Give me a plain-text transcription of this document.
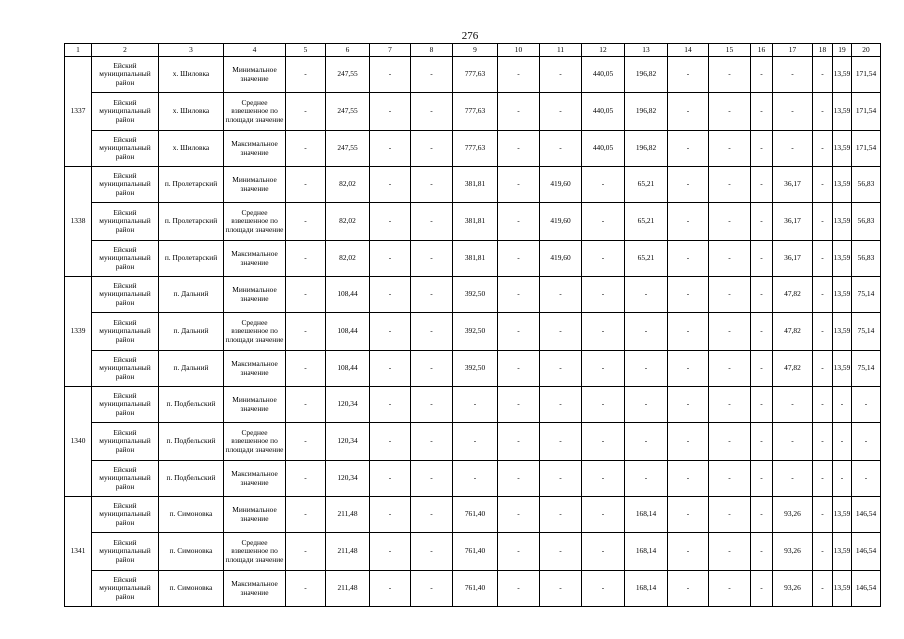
276
1	2	3	4	5	6	7	8	9	10	11	12	13	14	15	16	17	18	19	20
1337	Ейский муниципальный район	х. Шиловка	Минимальное значение	-	247,55	-	-	777,63	-	-	440,05	196,82	-	-	-	-	-	13,59	171,54
	Ейский муниципальный район	х. Шиловка	Среднее взвешенное по площади значение	-	247,55	-	-	777,63	-	-	440,05	196,82	-	-	-	-	-	13,59	171,54
	Ейский муниципальный район	х. Шиловка	Максимальное значение	-	247,55	-	-	777,63	-	-	440,05	196,82	-	-	-	-	-	13,59	171,54
1338	Ейский муниципальный район	п. Пролетарский	Минимальное значение	-	82,02	-	-	381,81	-	419,60	-	65,21	-	-	-	36,17	-	13,59	56,83
	Ейский муниципальный район	п. Пролетарский	Среднее взвешенное по площади значение	-	82,02	-	-	381,81	-	419,60	-	65,21	-	-	-	36,17	-	13,59	56,83
	Ейский муниципальный район	п. Пролетарский	Максимальное значение	-	82,02	-	-	381,81	-	419,60	-	65,21	-	-	-	36,17	-	13,59	56,83
1339	Ейский муниципальный район	п. Дальний	Минимальное значение	-	108,44	-	-	392,50	-	-	-	-	-	-	-	47,82	-	13,59	75,14
	Ейский муниципальный район	п. Дальний	Среднее взвешенное по площади значение	-	108,44	-	-	392,50	-	-	-	-	-	-	-	47,82	-	13,59	75,14
	Ейский муниципальный район	п. Дальний	Максимальное значение	-	108,44	-	-	392,50	-	-	-	-	-	-	-	47,82	-	13,59	75,14
1340	Ейский муниципальный район	п. Подбельский	Минимальное значение	-	120,34	-	-	-	-	-	-	-	-	-	-	-	-	-	-
	Ейский муниципальный район	п. Подбельский	Среднее взвешенное по площади значение	-	120,34	-	-	-	-	-	-	-	-	-	-	-	-	-	-
	Ейский муниципальный район	п. Подбельский	Максимальное значение	-	120,34	-	-	-	-	-	-	-	-	-	-	-	-	-	-
1341	Ейский муниципальный район	п. Симоновка	Минимальное значение	-	211,48	-	-	761,40	-	-	-	168,14	-	-	-	93,26	-	13,59	146,54
	Ейский муниципальный район	п. Симоновка	Среднее взвешенное по площади значение	-	211,48	-	-	761,40	-	-	-	168,14	-	-	-	93,26	-	13,59	146,54
	Ейский муниципальный район	п. Симоновка	Максимальное значение	-	211,48	-	-	761,40	-	-	-	168,14	-	-	-	93,26	-	13,59	146,54
